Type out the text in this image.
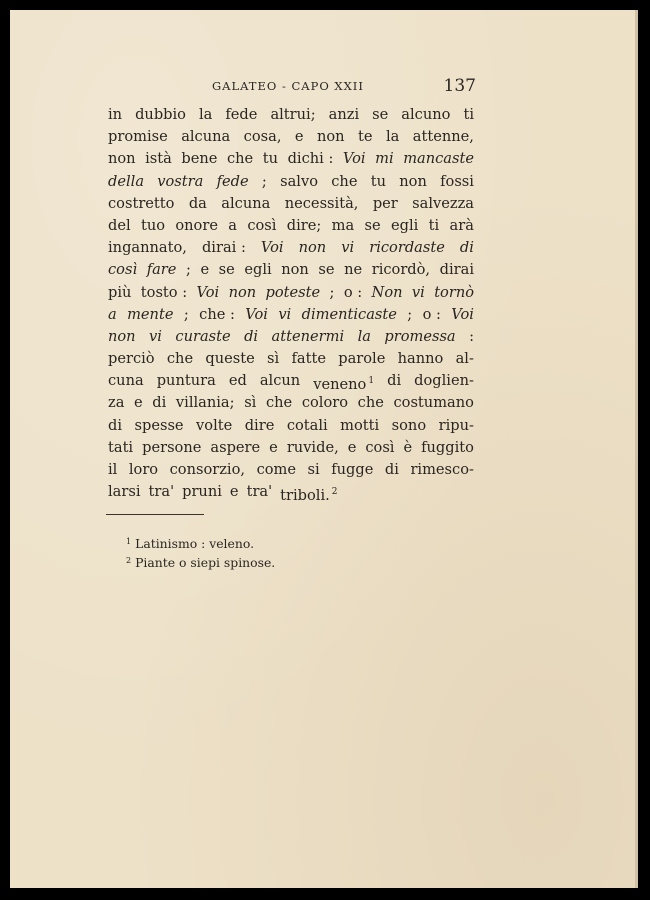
GALATEO - CAPO XXII	137
in dubbio la fede altrui; anzi se alcuno ti
promise alcuna cosa, e non te la attenne,
non istà bene che tu dichi : Voi mi mancaste
della vostra fede ; salvo che tu non fossi
costretto da alcuna necessità, per salvezza
del tuo onore a così dire; ma se egli ti arà
ingannato, dirai : Voi non vi ricordaste di
così fare ; e se egli non se ne ricordò, dirai
più tosto : Voi non poteste ; o : Non vi tornò
a mente ; che : Voi vi dimenticaste ; o : Voi
non vi curaste di attenermi la promessa :
perciò che queste sì fatte parole hanno al-
cuna puntura ed alcun veneno $^1$ di doglien-
za e di villania; sì che coloro che costumano
di spesse volte dire cotali motti sono ripu-
tati persone aspere e ruvide, e così è fuggito
il loro consorzio, come si fugge di rimesco-
larsi tra' pruni e tra' triboli. $^2$
$^1$ Latinismo : veleno.
$^2$ Piante o siepi spinose.
